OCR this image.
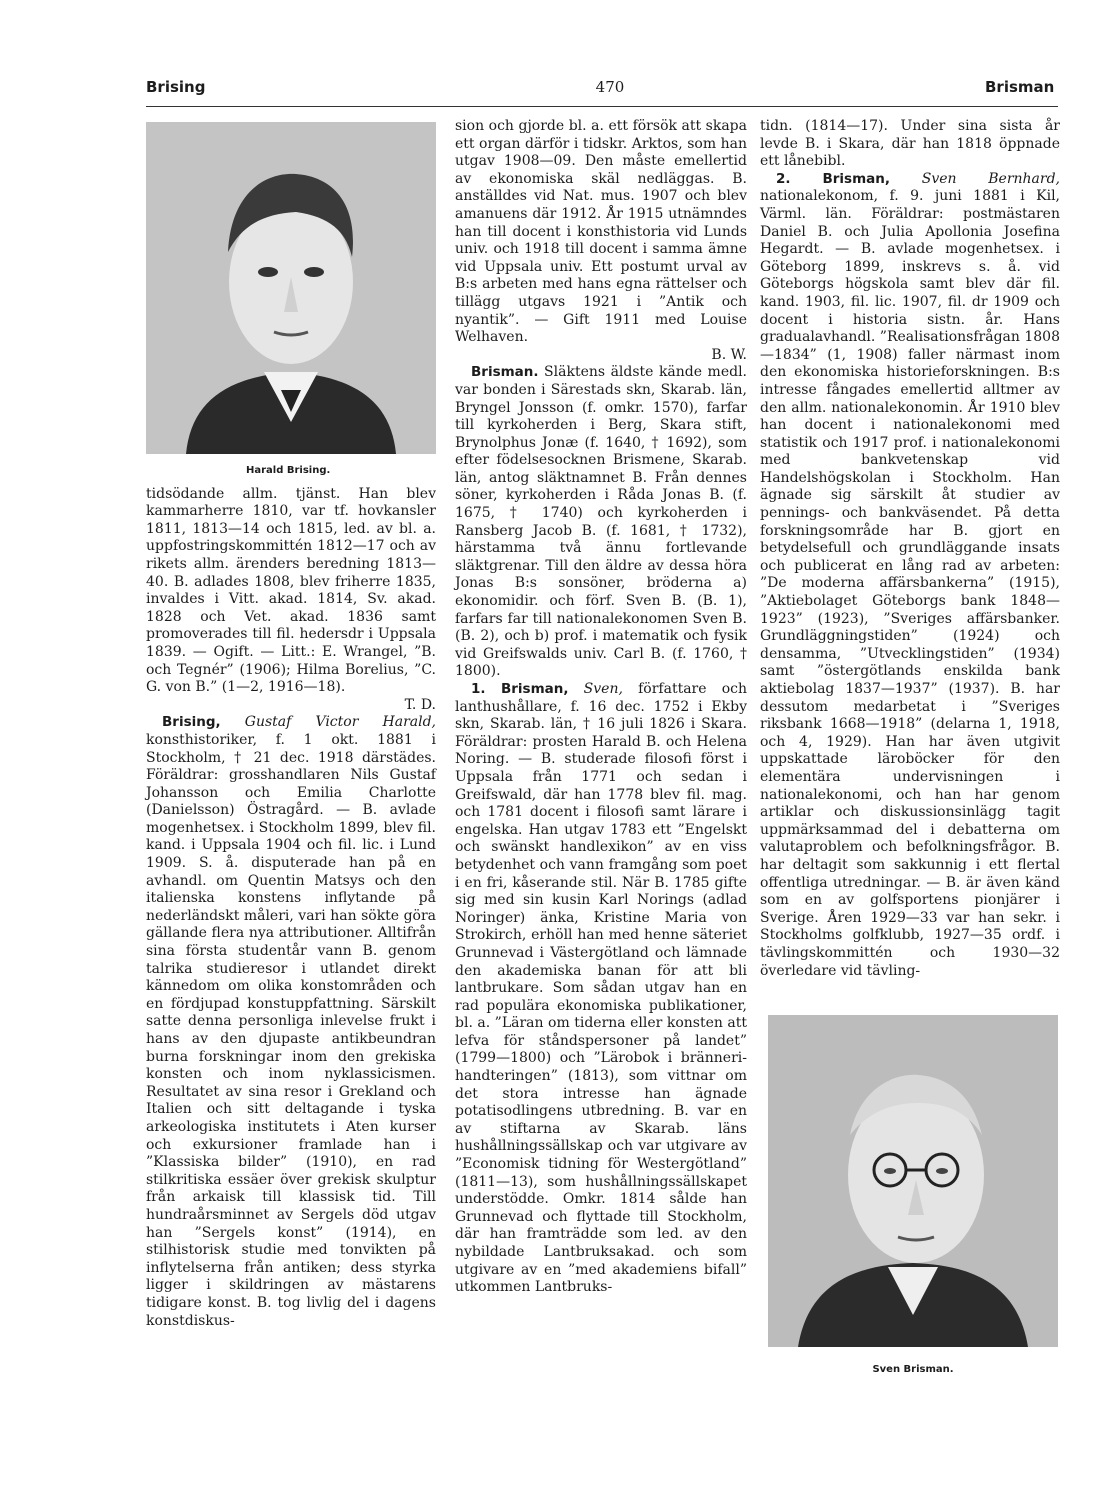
Brising	470	Brisman
Harald Brising.

tidsödande allm. tjänst. Han blev kammarherre 1810, var tf. hovkansler 1811, 1813—14 och 1815, led. av bl. a. uppfostringskommittén 1812—17 och av rikets allm. ärenders beredning 1813—40. B. adlades 1808, blev friherre 1835, invaldes i Vitt. akad. 1814, Sv. akad. 1828 och Vet. akad. 1836 samt promoverades till fil. hedersdr i Uppsala 1839. — Ogift. — Litt.: E. Wrangel, ”B. och Tegnér” (1906); Hilma Borelius, ”C. G. von B.” (1—2, 1916—18).

T. D.

Brising, Gustaf Victor Harald, konsthistoriker, f. 1 okt. 1881 i Stockholm, † 21 dec. 1918 därstädes. Föräldrar: grosshandlaren Nils Gustaf Johansson och Emilia Charlotte (Danielsson) Östragård. — B. avlade mogenhetsex. i Stockholm 1899, blev fil. kand. i Uppsala 1904 och fil. lic. i Lund 1909. S. å. disputerade han på en avhandl. om Quentin Matsys och den italienska konstens inflytande på nederländskt måleri, vari han sökte göra gällande flera nya attributioner. Alltifrån sina första studentår vann B. genom talrika studieresor i utlandet direkt kännedom om olika konstområden och en fördjupad konstuppfattning. Särskilt satte denna personliga inlevelse frukt i hans av den djupaste antikbeundran burna forskningar inom den grekiska konsten och inom nyklassicismen. Resultatet av sina resor i Grekland och Italien och sitt deltagande i tyska arkeologiska institutets i Aten kurser och exkursioner framlade han i ”Klassiska bilder” (1910), en rad stilkritiska essäer över grekisk skulptur från arkaisk till klassisk tid. Till hundraårsminnet av Sergels död utgav han ”Sergels konst” (1914), en stilhistorisk studie med tonvikten på inflytelserna från antiken; dess styrka ligger i skildringen av mästarens tidigare konst. B. tog livlig del i dagens konstdiskus-

sion och gjorde bl. a. ett försök att skapa ett organ därför i tidskr. Arktos, som han utgav 1908—09. Den måste emellertid av ekonomiska skäl nedläggas. B. anställdes vid Nat. mus. 1907 och blev amanuens där 1912. År 1915 utnämndes han till docent i konsthistoria vid Lunds univ. och 1918 till docent i samma ämne vid Uppsala univ. Ett postumt urval av B:s arbeten med hans egna rättelser och tillägg utgavs 1921 i ”Antik och nyantik”. — Gift 1911 med Louise Welhaven.

B. W.

Brisman. Släktens äldste kände medl. var bonden i Särestads skn, Skarab. län, Bryngel Jonsson (f. omkr. 1570), farfar till kyrkoherden i Berg, Skara stift, Brynolphus Jonæ (f. 1640, † 1692), som efter födelsesocknen Brismene, Skarab. län, antog släktnamnet B. Från dennes söner, kyrkoherden i Råda Jonas B. (f. 1675, † 1740) och kyrkoherden i Ransberg Jacob B. (f. 1681, † 1732), härstamma två ännu fortlevande släktgrenar. Till den äldre av dessa höra Jonas B:s sonsöner, bröderna a) ekonomidir. och förf. Sven B. (B. 1), farfars far till nationalekonomen Sven B. (B. 2), och b) prof. i matematik och fysik vid Greifswalds univ. Carl B. (f. 1760, † 1800).

1. Brisman, Sven, författare och lanthushållare, f. 16 dec. 1752 i Ekby skn, Skarab. län, † 16 juli 1826 i Skara. Föräldrar: prosten Harald B. och Helena Noring. — B. studerade filosofi först i Uppsala från 1771 och sedan i Greifswald, där han 1778 blev fil. mag. och 1781 docent i filosofi samt lärare i engelska. Han utgav 1783 ett ”Engelskt och swänskt handlexikon” av en viss betydenhet och vann framgång som poet i en fri, kåserande stil. När B. 1785 gifte sig med sin kusin Karl Norings (adlad Noringer) änka, Kristine Maria von Strokirch, erhöll han med henne säteriet Grunnevad i Västergötland och lämnade den akademiska banan för att bli lantbrukare. Som sådan utgav han en rad populära ekonomiska publikationer, bl. a. ”Läran om tiderna eller konsten att lefva för ståndspersoner på landet” (1799—1800) och ”Lärobok i bränneri-handteringen” (1813), som vittnar om det stora intresse han ägnade potatisodlingens utbredning. B. var en av stiftarna av Skarab. läns hushållningssällskap och var utgivare av ”Economisk tidning för Westergötland” (1811—13), som hushållningssällskapet understödde. Omkr. 1814 sålde han Grunnevad och flyttade till Stockholm, där han framträdde som led. av den nybildade Lantbruksakad. och som utgivare av en ”med akademiens bifall” utkommen Lantbruks-

tidn. (1814—17). Under sina sista år levde B. i Skara, där han 1818 öppnade ett lånebibl.

2. Brisman, Sven Bernhard, nationalekonom, f. 9. juni 1881 i Kil, Värml. län. Föräldrar: postmästaren Daniel B. och Julia Apollonia Josefina Hegardt. — B. avlade mogenhetsex. i Göteborg 1899, inskrevs s. å. vid Göteborgs högskola samt blev där fil. kand. 1903, fil. lic. 1907, fil. dr 1909 och docent i historia sistn. år. Hans gradualavhandl. ”Realisationsfrågan 1808—1834” (1, 1908) faller närmast inom den ekonomiska historieforskningen. B:s intresse fångades emellertid alltmer av den allm. nationalekonomin. År 1910 blev han docent i nationalekonomi med statistik och 1917 prof. i nationalekonomi med bankvetenskap vid Handelshögskolan i Stockholm. Han ägnade sig särskilt åt studier av pennings- och bankväsendet. På detta forskningsområde har B. gjort en betydelsefull och grundläggande insats och publicerat en lång rad av arbeten: ”De moderna affärsbankerna” (1915), ”Aktiebolaget Göteborgs bank 1848—1923” (1923), ”Sveriges affärsbanker. Grundläggningstiden” (1924) och densamma, ”Utvecklingstiden” (1934) samt ”östergötlands enskilda bank aktiebolag 1837—1937” (1937). B. har dessutom medarbetat i ”Sveriges riksbank 1668—1918” (delarna 1, 1918, och 4, 1929). Han har även utgivit uppskattade läroböcker för den elementära undervisningen i nationalekonomi, och han har genom artiklar och diskussionsinlägg tagit uppmärksammad del i debatterna om valutaproblem och befolkningsfrågor. B. har deltagit som sakkunnig i ett flertal offentliga utredningar. — B. är även känd som en av golfsportens pionjärer i Sverige. Åren 1929—33 var han sekr. i Stockholms golfklubb, 1927—35 ordf. i tävlingskommittén och 1930—32 överledare vid tävling-

Sven Brisman.
